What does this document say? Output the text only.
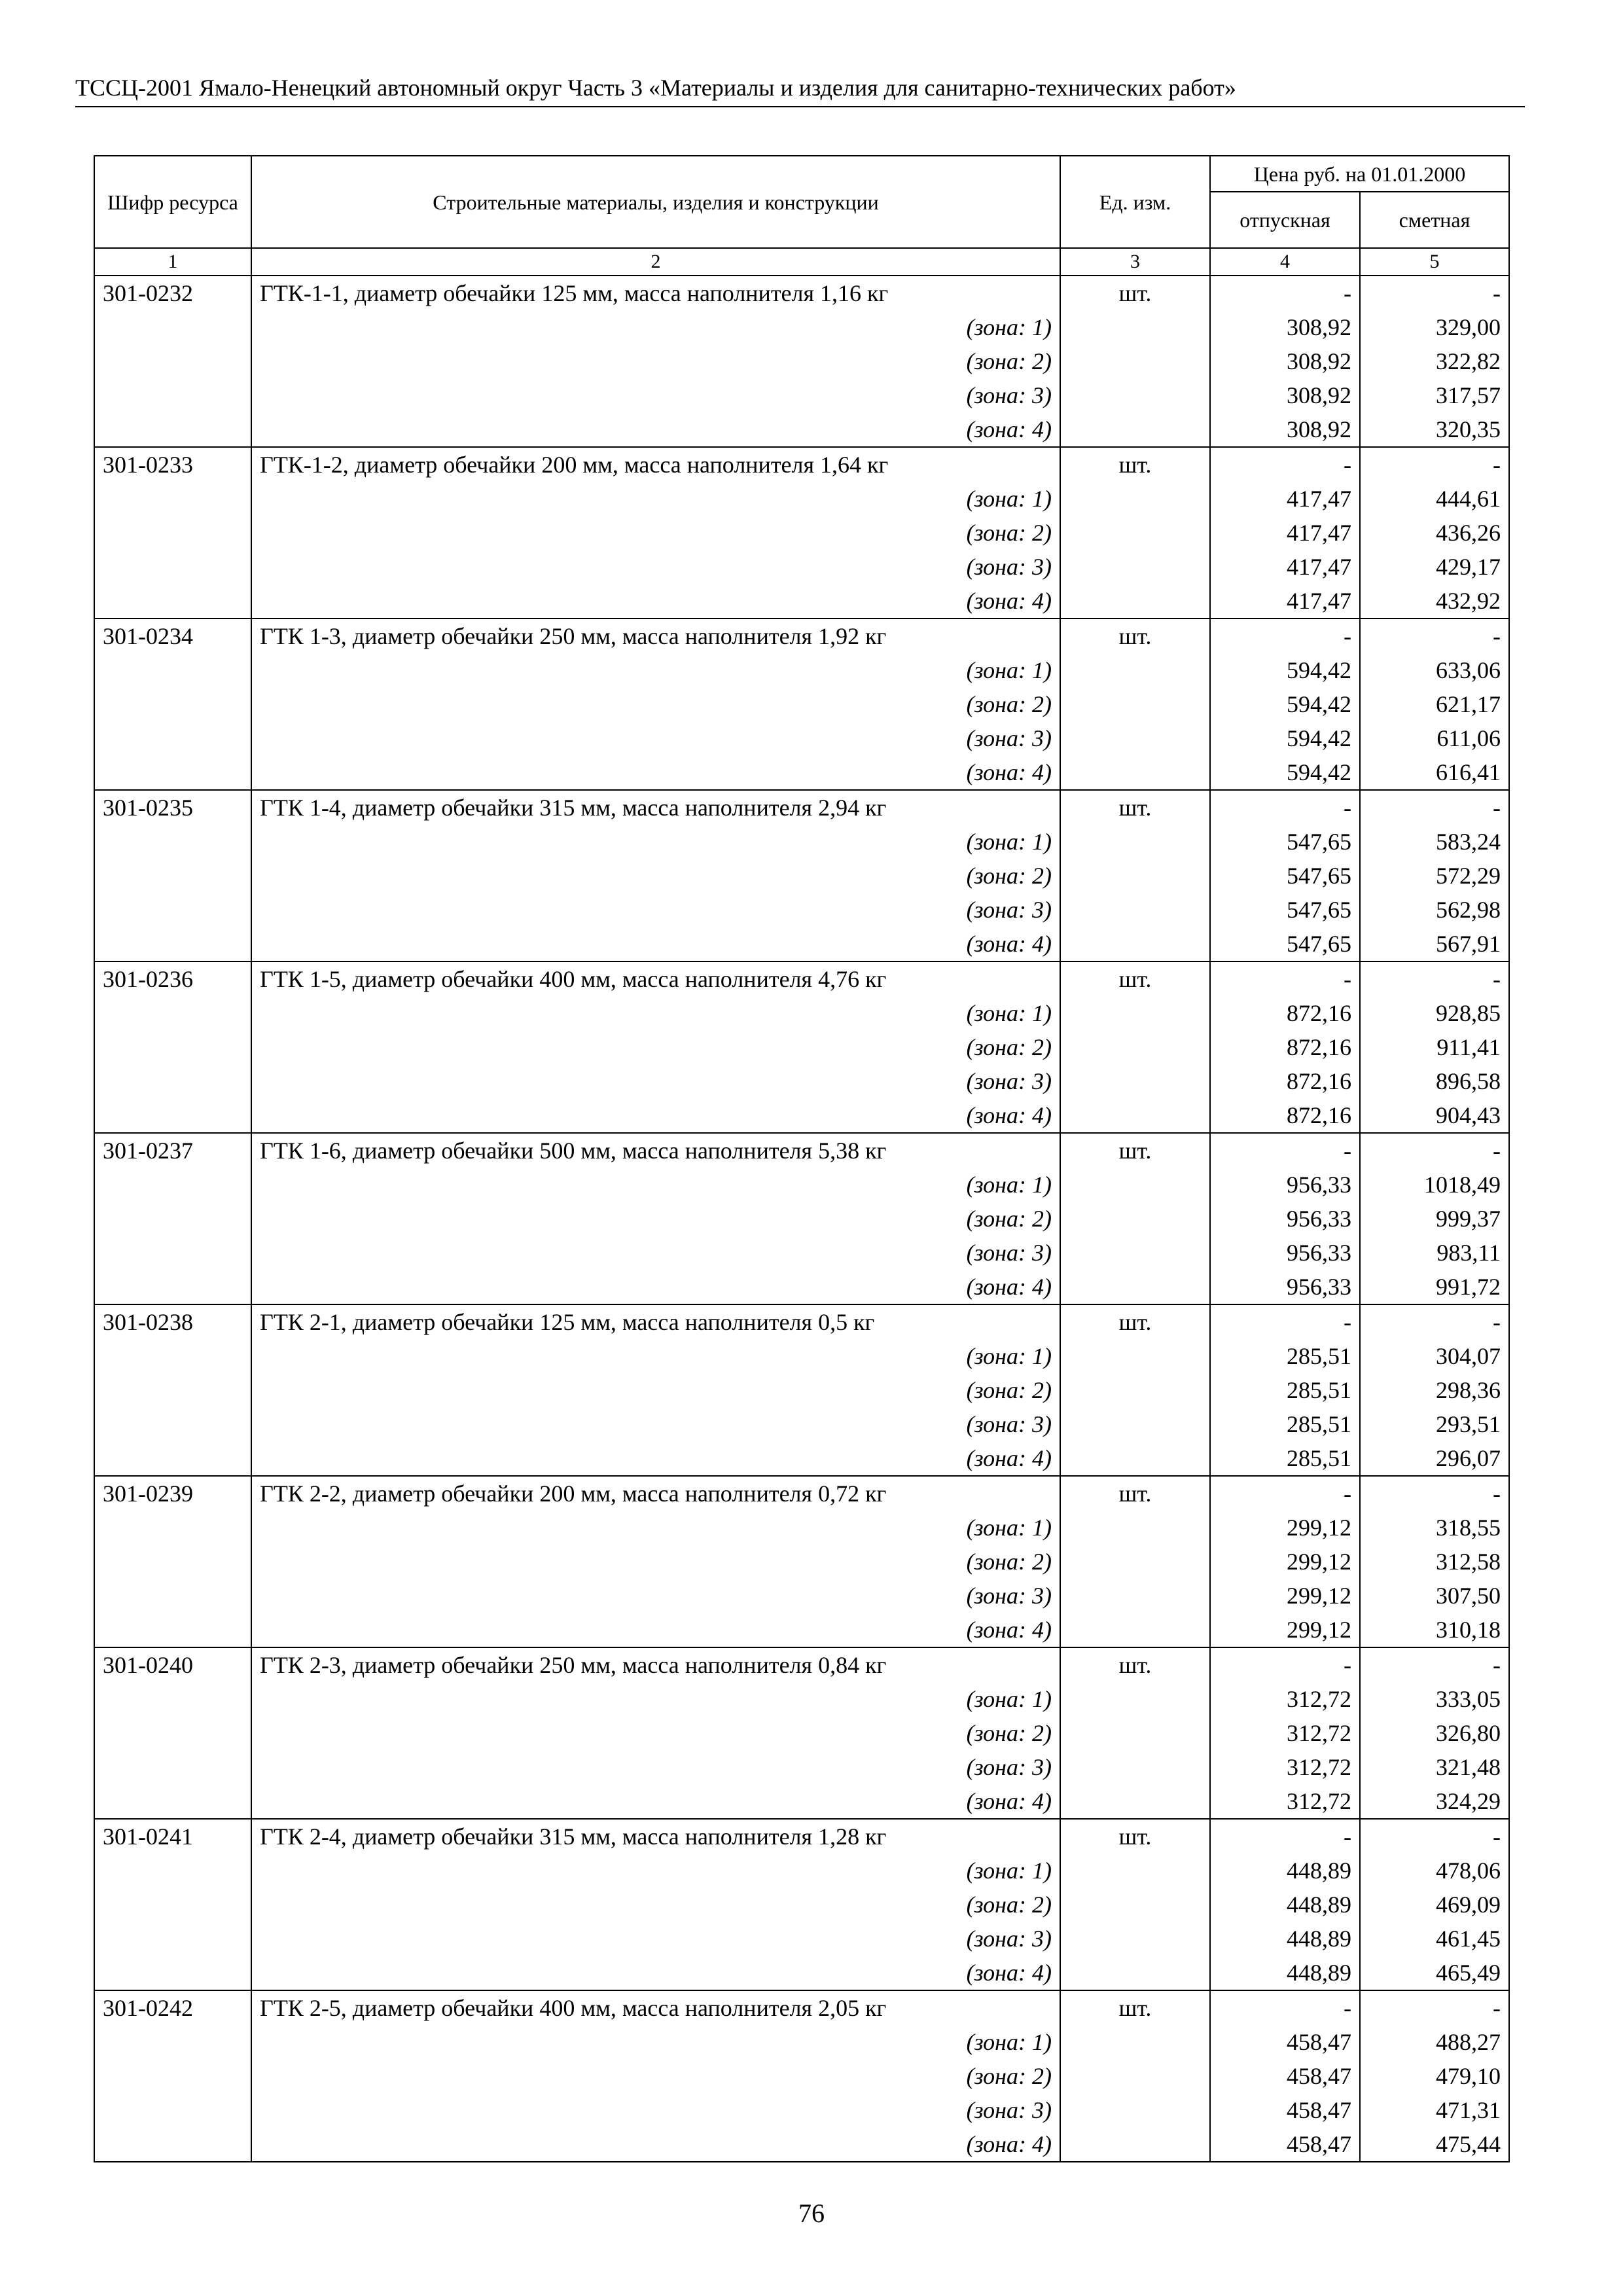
ТССЦ-2001 Ямало-Ненецкий автономный округ Часть 3 «Материалы и изделия для санитарно-технических работ»
Шифр ресурса	Строительные материалы, изделия и конструкции	Ед. изм.	Цена руб. на 01.01.2000	
			отпускная	сметная
1	2	3	4	5
301-0232	ГТК-1-1, диаметр обечайки 125 мм, масса наполнителя 1,16 кг	шт.	-	-
	(зона: 1)		308,92	329,00
	(зона: 2)		308,92	322,82
	(зона: 3)		308,92	317,57
	(зона: 4)		308,92	320,35
301-0233	ГТК-1-2, диаметр обечайки 200 мм, масса наполнителя 1,64 кг	шт.	-	-
	(зона: 1)		417,47	444,61
	(зона: 2)		417,47	436,26
	(зона: 3)		417,47	429,17
	(зона: 4)		417,47	432,92
301-0234	ГТК 1-3, диаметр обечайки 250 мм, масса наполнителя 1,92 кг	шт.	-	-
	(зона: 1)		594,42	633,06
	(зона: 2)		594,42	621,17
	(зона: 3)		594,42	611,06
	(зона: 4)		594,42	616,41
301-0235	ГТК 1-4, диаметр обечайки 315 мм, масса наполнителя 2,94 кг	шт.	-	-
	(зона: 1)		547,65	583,24
	(зона: 2)		547,65	572,29
	(зона: 3)		547,65	562,98
	(зона: 4)		547,65	567,91
301-0236	ГТК 1-5, диаметр обечайки 400 мм, масса наполнителя 4,76 кг	шт.	-	-
	(зона: 1)		872,16	928,85
	(зона: 2)		872,16	911,41
	(зона: 3)		872,16	896,58
	(зона: 4)		872,16	904,43
301-0237	ГТК 1-6, диаметр обечайки 500 мм, масса наполнителя 5,38 кг	шт.	-	-
	(зона: 1)		956,33	1018,49
	(зона: 2)		956,33	999,37
	(зона: 3)		956,33	983,11
	(зона: 4)		956,33	991,72
301-0238	ГТК 2-1, диаметр обечайки 125 мм, масса наполнителя 0,5 кг	шт.	-	-
	(зона: 1)		285,51	304,07
	(зона: 2)		285,51	298,36
	(зона: 3)		285,51	293,51
	(зона: 4)		285,51	296,07
301-0239	ГТК 2-2, диаметр обечайки 200 мм, масса наполнителя 0,72 кг	шт.	-	-
	(зона: 1)		299,12	318,55
	(зона: 2)		299,12	312,58
	(зона: 3)		299,12	307,50
	(зона: 4)		299,12	310,18
301-0240	ГТК 2-3, диаметр обечайки 250 мм, масса наполнителя 0,84 кг	шт.	-	-
	(зона: 1)		312,72	333,05
	(зона: 2)		312,72	326,80
	(зона: 3)		312,72	321,48
	(зона: 4)		312,72	324,29
301-0241	ГТК 2-4, диаметр обечайки 315 мм, масса наполнителя 1,28 кг	шт.	-	-
	(зона: 1)		448,89	478,06
	(зона: 2)		448,89	469,09
	(зона: 3)		448,89	461,45
	(зона: 4)		448,89	465,49
301-0242	ГТК 2-5, диаметр обечайки 400 мм, масса наполнителя 2,05 кг	шт.	-	-
	(зона: 1)		458,47	488,27
	(зона: 2)		458,47	479,10
	(зона: 3)		458,47	471,31
	(зона: 4)		458,47	475,44
76
